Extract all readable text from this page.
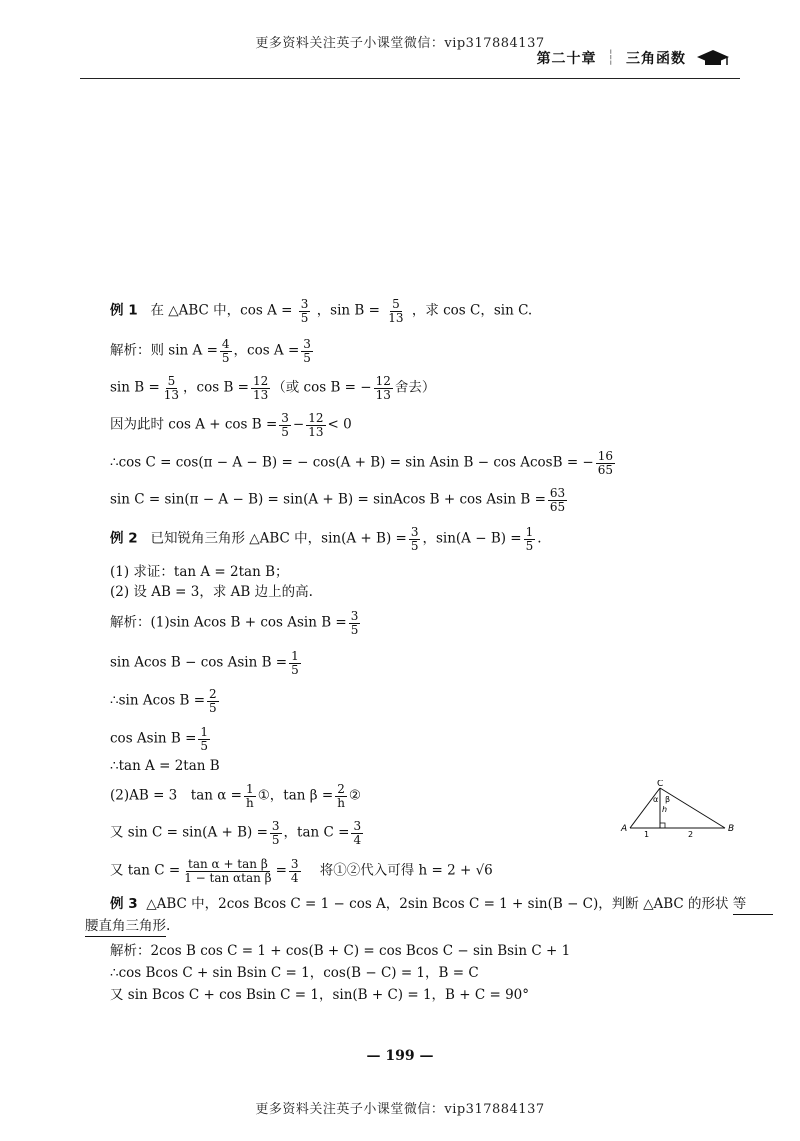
更多资料关注英子小课堂微信：vip317884137
第二十章 ┆ 三角函数
例 1 在 △ABC 中，$\cos A = \frac{3}{5}$ ，$\sin B = \frac{5}{13}$ ，求 cos C，sin C.
解析：则 $\sin A = \frac{4}{5}$ ，$\cos A = \frac{3}{5}$
$\sin B = \frac{5}{13}$ ，$\cos B = \frac{12}{13}$ （或 cos B = − $\frac{12}{13}$ 舍去）
因为此时 $\cos A + \cos B = \frac{3}{5} - \frac{12}{13} < 0$
∴cos C = cos(π − A − B) = − cos(A + B) = sin Asin B − cos AcosB = − $\frac{16}{65}$
sin C = sin(π − A − B) = sin(A + B) = sinAcos B + cos Asin $B = \frac{63}{65}$
例 2 已知锐角三角形 △ABC 中，$\sin(A + B) = \frac{3}{5}$ ，$\sin(A - B) = \frac{1}{5}$ .
(1) 求证：tan A = 2tan B；
(2) 设 AB = 3，求 AB 边上的高.
解析：(1)sin Acos B + cos Asin $B = \frac{3}{5}$
sin Acos B − cos Asin $B = \frac{1}{5}$
∴sin Acos $B = \frac{2}{5}$
cos Asin $B = \frac{1}{5}$
∴tan A = 2tan B
(2)AB = 3　$\tan \alpha = \frac{1}{h}$ ①，$\tan \beta = \frac{2}{h}$ ②
又 $\sin C = \sin(A + B) = \frac{3}{5}$ ，$\tan C = \frac{3}{4}$
又 $\tan C = \frac{\text{tan α + tan β}}{\text{1 − tan αtan β}} = \frac{3}{4}$ 将①②代入可得 h = 2 + √6
例 3 △ABC 中，2cos Bcos C = 1 − cos A，2sin Bcos C = 1 + sin(B − C)，判断 △ABC 的形状 等
腰直角三角形.
解析：2cos B cos C = 1 + cos(B + C) = cos Bcos C − sin Bsin C + 1
∴cos Bcos C + sin Bsin C = 1，cos(B − C) = 1，B = C
又 sin Bcos C + cos Bsin C = 1，sin(B + C) = 1，B + C = 90°
C
A	B
h
α β
1	2
— 199 —
更多资料关注英子小课堂微信：vip317884137
